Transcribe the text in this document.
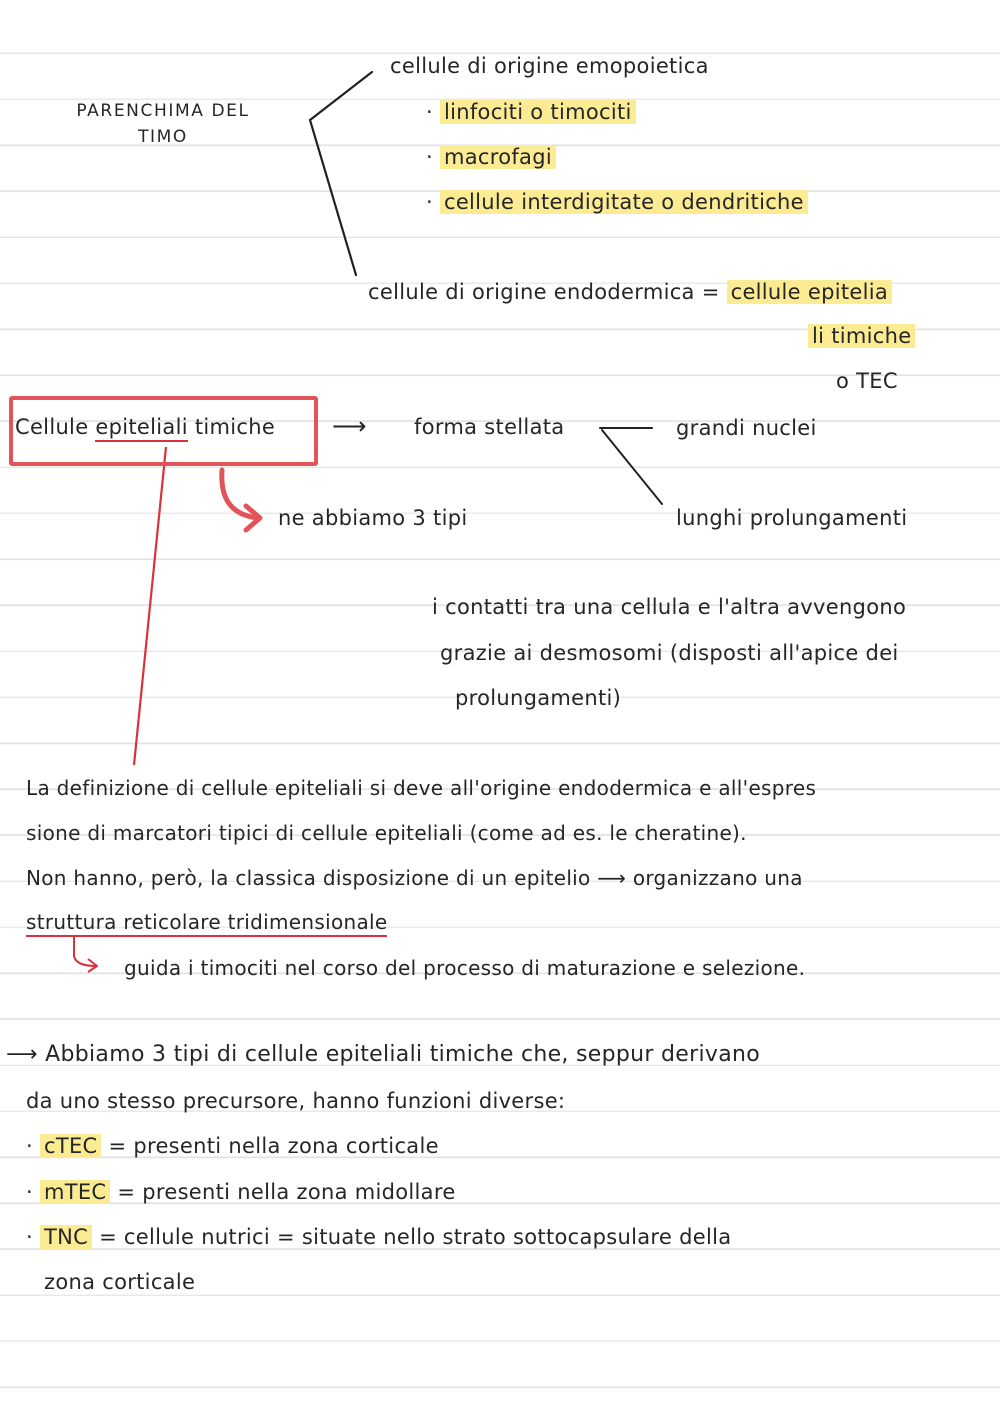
PARENCHIMA DEL
TIMO
cellule di origine emopoietica
· linfociti o timociti
· macrofagi
· cellule interdigitate o dendritiche
cellule di origine endodermica = cellule epitelia
li timiche
o TEC
Cellule epiteliali timiche ⟶ forma stellata	grandi nuclei
lunghi prolungamenti
ne abbiamo 3 tipi
i contatti tra una cellula e l'altra avvengono
grazie ai desmosomi (disposti all'apice dei
prolungamenti)
La definizione di cellule epiteliali si deve all'origine endodermica e all'espres
sione di marcatori tipici di cellule epiteliali (come ad es. le cheratine).
Non hanno, però, la classica disposizione di un epitelio ⟶ organizzano una
struttura reticolare tridimensionale
guida i timociti nel corso del processo di maturazione e selezione.
⟶ Abbiamo 3 tipi di cellule epiteliali timiche che, seppur derivano
da uno stesso precursore, hanno funzioni diverse:
· cTEC = presenti nella zona corticale
· mTEC = presenti nella zona midollare
· TNC = cellule nutrici = situate nello strato sottocapsulare della
zona corticale
